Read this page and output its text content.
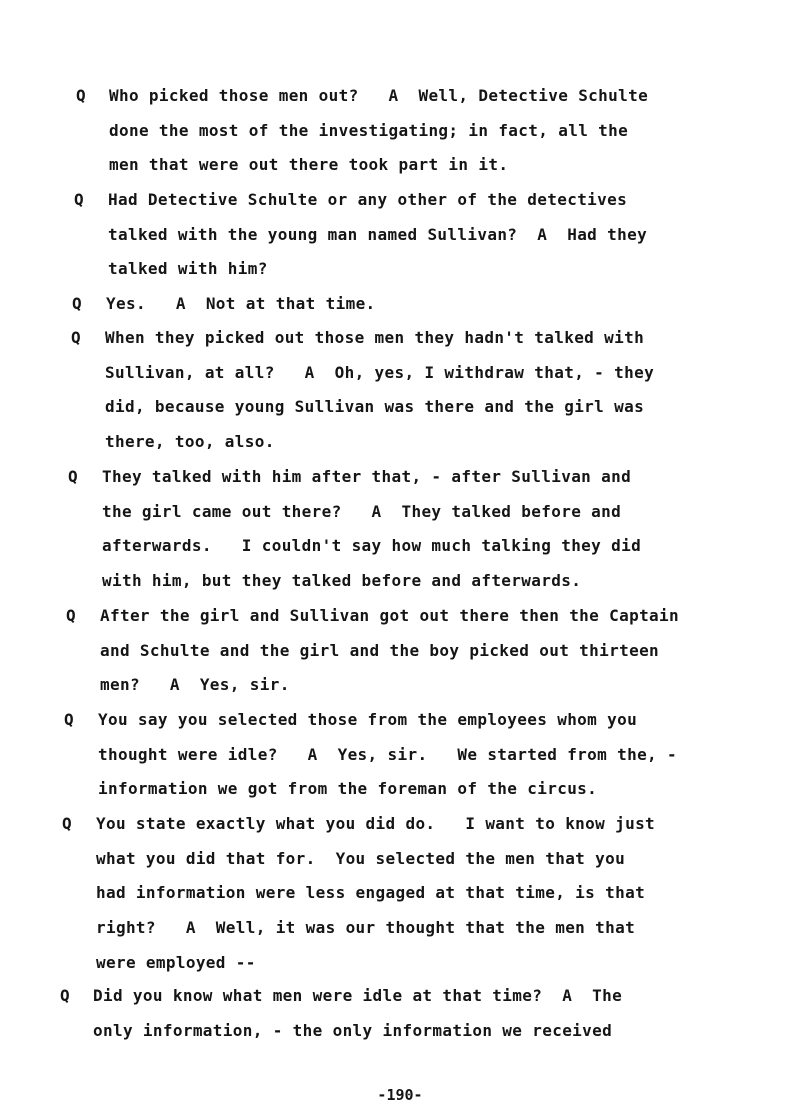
Q Who picked those men out?   A  Well, Detective Schulte
done the most of the investigating; in fact, all the
men that were out there took part in it.
Q Had Detective Schulte or any other of the detectives
talked with the young man named Sullivan?  A  Had they
talked with him?
Q Yes.   A  Not at that time.
Q When they picked out those men they hadn't talked with
Sullivan, at all?   A  Oh, yes, I withdraw that, - they
did, because young Sullivan was there and the girl was
there, too, also.
Q They talked with him after that, - after Sullivan and
the girl came out there?   A  They talked before and
afterwards.   I couldn't say how much talking they did
with him, but they talked before and afterwards.
Q After the girl and Sullivan got out there then the Captain
and Schulte and the girl and the boy picked out thirteen
men?   A  Yes, sir.
Q You say you selected those from the employees whom you
thought were idle?   A  Yes, sir.   We started from the, -
information we got from the foreman of the circus.
Q You state exactly what you did do.   I want to know just
what you did that for.  You selected the men that you
had information were less engaged at that time, is that
right?   A  Well, it was our thought that the men that
were employed --
Q Did you know what men were idle at that time?  A  The
only information, - the only information we received
-190-
